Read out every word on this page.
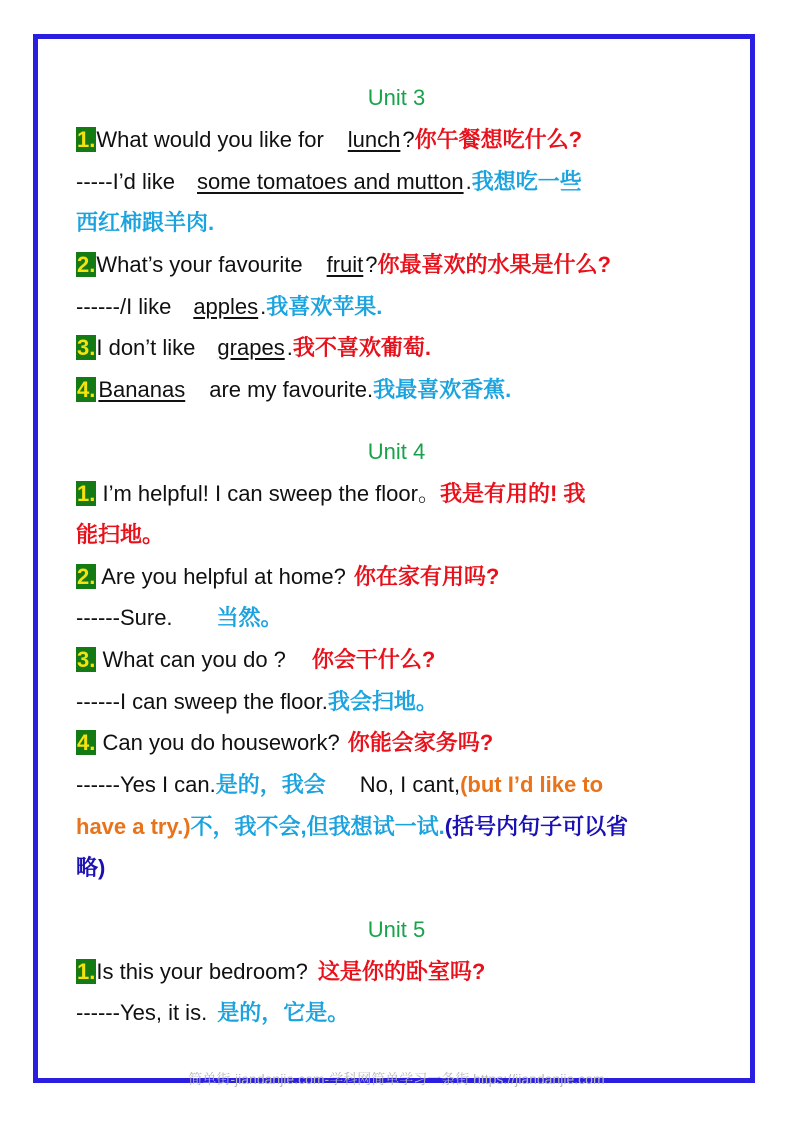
Unit 3
1.What would you like for lunch?你午餐想吃什么?
-----I’d like some tomatoes and mutton.我想吃一些
西红柿跟羊肉.
2.What’s your favourite fruit?你最喜欢的水果是什么?
------/I like apples.我喜欢苹果.
3.I don’t like grapes.我不喜欢葡萄.
4. Bananas are my favourite.我最喜欢香蕉.
Unit 4
1. I’m helpful! I can sweep the floor。我是有用的! 我
能扫地。
2. Are you helpful at home? 你在家有用吗?
------Sure. 当然。
3. What can you do ? 你会干什么?
------I can sweep the floor.我会扫地。
4. Can you do housework? 你能会家务吗?
------Yes I can.是的，我会 No, I cant,(but I’d like to
have a try.)不，我不会,但我想试一试.(括号内句子可以省
略)
Unit 5
1.Is this your bedroom? 这是你的卧室吗?
------Yes, it is. 是的，它是。
简单街-jiandanjie.com-学科网简单学习一条街 https://jiandanjie.com
